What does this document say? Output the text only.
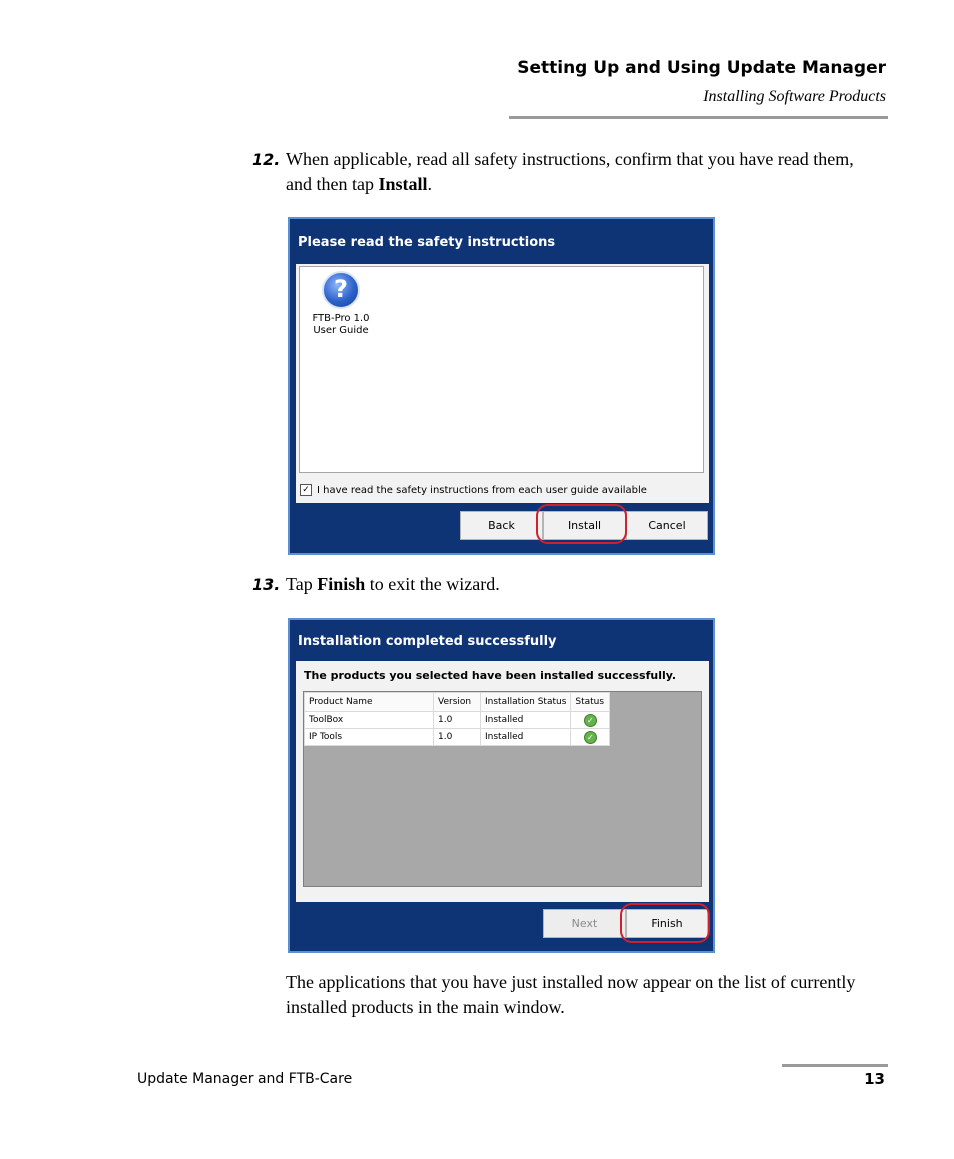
Setting Up and Using Update Manager
Installing Software Products
12. When applicable, read all safety instructions, confirm that you have read them, and then tap Install.
Please read the safety instructions
?
FTB-Pro 1.0
User Guide
✓ I have read the safety instructions from each user guide available
Back	Install	Cancel
13. Tap Finish to exit the wizard.
Installation completed successfully
The products you selected have been installed successfully.
Product Name	Version	Installation Status	Status
ToolBox	1.0	Installed	✓
IP Tools	1.0	Installed	✓
Next	Finish
The applications that you have just installed now appear on the list of currently installed products in the main window.
Update Manager and FTB-Care	13
